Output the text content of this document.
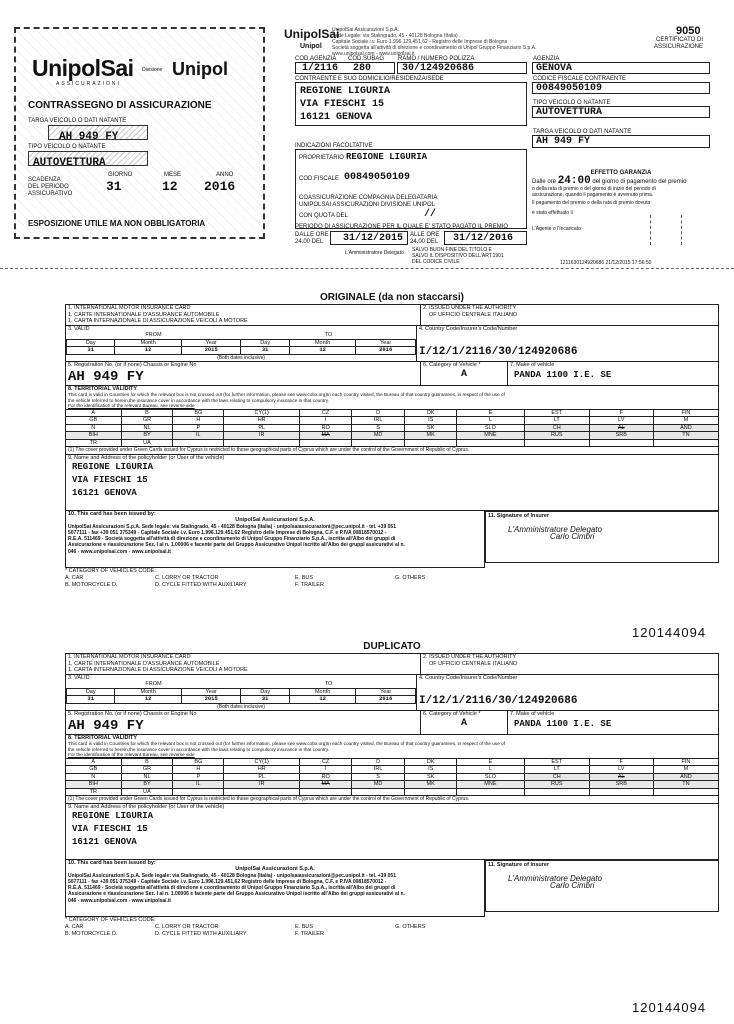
UnipolSai
ASSICURAZIONI
Divisione Unipol
CONTRASSEGNO DI ASSICURAZIONE
TARGA VEICOLO O DATI NATANTE
AH 949 FY
TIPO VEICOLO O NATANTE
AUTOVETTURA
SCADENZA DEL PERIODO ASSICURATIVO
GIORNO	MESE	ANNO
31	12 2016
ESPOSIZIONE UTILE MA NON OBBLIGATORIA
UnipolSai
Unipol
UnipolSai Assicurazioni S.p.A.
Sede Legale: via Stalingrado, 45 - 40128 Bologna (Italia)
Capitale Sociale i.v. Euro 1.996.129.451,62 - Registro delle Imprese di Bologna
Società soggetta all'attività di direzione e coordinamento di Unipol Gruppo Finanziario S.p.A.
www.unipolsai.com - www.unipolsai.it
9050
CERTIFICATO DI
ASSICURAZIONE
COD.AGENZIA COD.SUBAG RAMO / NUMERO POLIZZA	AGENZIA
1/2116 280	30/124920686	GENOVA
CONTRAENTE E SUO DOMICILIO/RESIDENZA/SEDE
REGIONE LIGURIA
VIA FIESCHI 15
16121 GENOVA
CODICE FISCALE CONTRAENTE
00849050109
TIPO VEICOLO O NATANTE
AUTOVETTURA
TARGA VEICOLO O DATI NATANTE
AH 949 FY
INDICAZIONI FACOLTATIVE
PROPRIETARIO REGIONE LIGURIA
COD.FISCALE 00849050109
COASSICURAZIONE COMPAGNIA DELEGATARIA
UNIPOLSAI ASSICURAZIONI DIVISIONE UNIPOL
CON QUOTA DEL	//
PERIODO DI ASSICURAZIONE PER IL QUALE E' STATO PAGATO IL PREMIO
DALLE ORE
24.00 DEL 31/12/2015 ALLE ORE
24.00 DEL 31/12/2016
L'Amministratore Delegato SALVO BUON FINE DEL TITOLO E
SALVO IL DISPOSITIVO DELL'ART.1901
DEL CODICE CIVILE
EFFETTO GARANZIA
Dalle ore 24:00 del giorno di pagamento del premio
o della rata di premio o del giorno di inizio del periodo di
assicurazione, quando il pagamento è avvenuto prima.
Il pagamento del premio o della rata di premio dovuta
è stato effettuato il
L'Agente o l'Incaricato
1211630124920686 21/12/2015 17:56:50
ORIGINALE (da non staccarsi)
1. INTERNATIONAL MOTOR INSURANCE CARD
1. CARTE INTERNATIONALE D'ASSURANCE AUTOMOBILE
1. CARTA INTERNAZIONALE DI ASSICURAZIONE VEICOLI A MOTORE

2. ISSUED UNDER THE AUTHORITY
OF UFFICIO CENTRALE ITALIANO
3. VALID
FROM	TO
Day	Month	Year	Day	Month	Year
31	12	2015	31	12	2016
(Both dates inclusive)

4. Country Code/Insurer's Code/Number
I/12/1/2116/30/124920686
5. Registration No. (or if none) Chassis or Engine No
AH 949 FY

6. Category of Vehicle *
A

7. Make of vehicle
PANDA 1100 I.E. SE

8. TERRITORIAL VALIDITY
This card is valid in Countries for which the relevant box is not crossed out (for further information, please see www.cobx.org)In each country visited, the Bureau of that country guarantees, in respect of the use of
the vehicle referred to herein,the insurance cover in accordance with the laws relating to compulsory insurance in that country.
For the identification of the relevant Bureau, see reverse side
A	B	BG	CY(1)	CZ	D	DK	E	EST	F	FIN
GB	GR	H	HR	I	IRL	IS	L	LT	LV	M
N	NL	P	PL	RO	S	SK	SLO	CH	AL	AND
BIH	BY	IL	IR	MA	MD	MK	MNE	RUS	SRB	TN
TR	UA									
(1) The cover provided under Green Cards issued for Cyprus is restricted to those geographical parts of Cyprus which are under the control of the Government of Republic of Cyprus.

9. Name and Address of the policyholder (or User of the vehicle)
REGIONE LIGURIA
VIA FIESCHI 15
16121 GENOVA

10. This card has been issued by:
UnipolSai Assicurazioni S.p.A.
UnipolSai Assicurazioni S.p.A. Sede legale: via Stalingrado, 45 - 40128 Bologna (Italia) - unipolsaiassicurazioni@pec.unipol.it - tel. +39 051
5077111 - fax +39 051 375349 - Capitale Sociale i.v. Euro 1.996.129.451,62 Registro delle Imprese di Bologna, C.F. e P.IVA 00818570012 -
R.E.A. 511469 - Società soggetta all'attività di direzione e coordinamento di Unipol Gruppo Finanziario S.p.A., iscritta all'Albo dei gruppi di
Assicurazione e riassicurazione Sez. I al n. 1.00006 e facente parte del Gruppo Assicurativo Unipol iscritto all'Albo dei gruppi assicurativi al n.
046 - www.unipolsai.com - www.unipolsai.it

11. Signature of Insurer
L'Amministratore Delegato
Carlo Cimbri
* CATEGORY OF VEHICLES CODE:
A. CAR
B. MOTORCYCLE D.
C. LORRY OR TRACTOR
D. CYCLE FITTED WITH AUXILIARY
E. BUS
F. TRAILER
G. OTHERS
120144094
DUPLICATO
1. INTERNATIONAL MOTOR INSURANCE CARD
1. CARTE INTERNATIONALE D'ASSURANCE AUTOMOBILE
1. CARTA INTERNAZIONALE DI ASSICURAZIONE VEICOLI A MOTORE

2. ISSUED UNDER THE AUTHORITY
OF UFFICIO CENTRALE ITALIANO
3. VALID
FROM	TO
Day	Month	Year	Day	Month	Year
31	12	2015	31	12	2016
(Both dates inclusive)

4. Country Code/Insurer's Code/Number
I/12/1/2116/30/124920686
5. Registration No. (or if none) Chassis or Engine No
AH 949 FY

6. Category of Vehicle *
A

7. Make of vehicle
PANDA 1100 I.E. SE

8. TERRITORIAL VALIDITY
This card is valid in Countries for which the relevant box is not crossed out (for further information, please see www.cobx.org)In each country visited, the Bureau of that country guarantees, in respect of the use of
the vehicle referred to herein,the insurance cover in accordance with the laws relating to compulsory insurance in that country.
For the identification of the relevant Bureau, see reverse side
A	B	BG	CY(1)	CZ	D	DK	E	EST	F	FIN
GB	GR	H	HR	I	IRL	IS	L	LT	LV	M
N	NL	P	PL	RO	S	SK	SLO	CH	AL	AND
BIH	BY	IL	IR	MA	MD	MK	MNE	RUS	SRB	TN
TR	UA									
(1) The cover provided under Green Cards issued for Cyprus is restricted to those geographical parts of Cyprus which are under the control of the Government of Republic of Cyprus.

9. Name and Address of the policyholder (or User of the vehicle)
REGIONE LIGURIA
VIA FIESCHI 15
16121 GENOVA

10. This card has been issued by:
UnipolSai Assicurazioni S.p.A.
UnipolSai Assicurazioni S.p.A. Sede legale: via Stalingrado, 45 - 40128 Bologna (Italia) - unipolsaiassicurazioni@pec.unipol.it - tel. +39 051
5077111 - fax +39 051 375349 - Capitale Sociale i.v. Euro 1.996.129.451,62 Registro delle Imprese di Bologna, C.F. e P.IVA 00818570012 -
R.E.A. 511469 - Società soggetta all'attività di direzione e coordinamento di Unipol Gruppo Finanziario S.p.A., iscritta all'Albo dei gruppi di
Assicurazione e riassicurazione Sez. I al n. 1.00006 e facente parte del Gruppo Assicurativo Unipol iscritto all'Albo dei gruppi assicurativi al n.
046 - www.unipolsai.com - www.unipolsai.it

11. Signature of Insurer
L'Amministratore Delegato
Carlo Cimbri
* CATEGORY OF VEHICLES CODE:
A. CAR
B. MOTORCYCLE D.
C. LORRY OR TRACTOR
D. CYCLE FITTED WITH AUXILIARY
E. BUS
F. TRAILER
G. OTHERS
120144094
